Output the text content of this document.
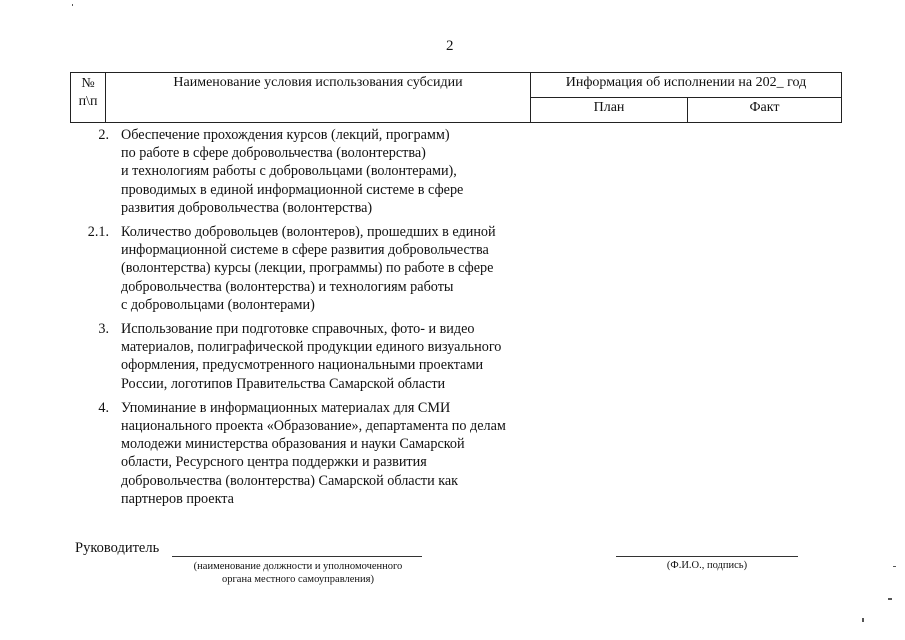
2
№
п\п	Наименование условия использования субсидии	Информация об исполнении на 202_ год	
		План	Факт
2. Обеспечение прохождения курсов (лекций, программ)
по работе в сфере добровольчества (волонтерства)
и технологиям работы с добровольцами (волонтерами),
проводимых в единой информационной системе в сфере
развития добровольчества (волонтерства)
2.1. Количество добровольцев (волонтеров), прошедших в единой
информационной системе в сфере развития добровольчества
(волонтерства) курсы (лекции, программы) по работе в сфере
добровольчества (волонтерства) и технологиям работы
с добровольцами (волонтерами)
3. Использование при подготовке справочных, фото- и видео
материалов, полиграфической продукции единого визуального
оформления, предусмотренного национальными проектами
России, логотипов Правительства Самарской области
4. Упоминание в информационных материалах для СМИ
национального проекта «Образование», департамента по делам
молодежи министерства образования и науки Самарской
области, Ресурсного центра поддержки и развития
добровольчества (волонтерства) Самарской области как
партнеров проекта
Руководитель
(наименование должности и уполномоченного
органа местного самоуправления)
(Ф.И.О., подпись)
